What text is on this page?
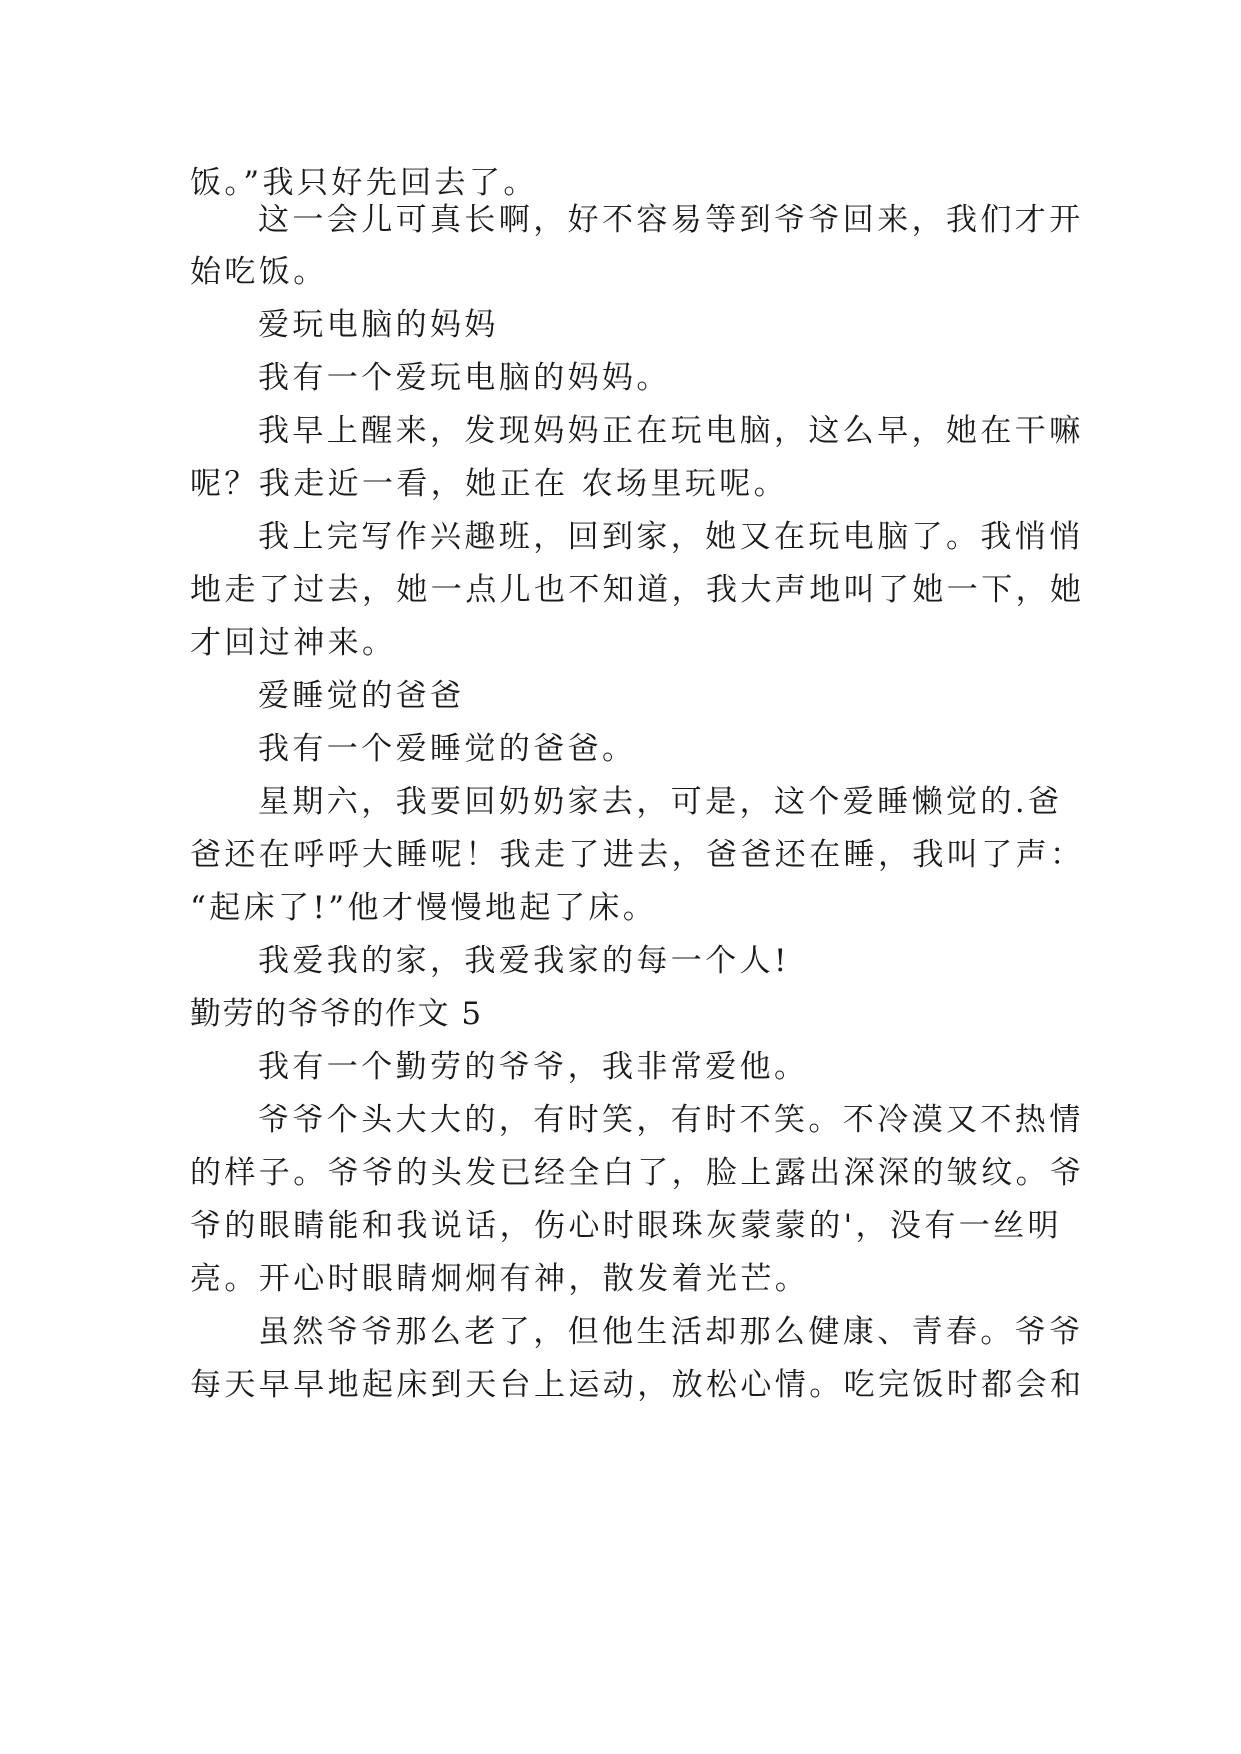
饭。”我只好先回去了。
这一会儿可真长啊，好不容易等到爷爷回来，我们才开
始吃饭。
爱玩电脑的妈妈
我有一个爱玩电脑的妈妈。
我早上醒来，发现妈妈正在玩电脑，这么早，她在干嘛
呢？我走近一看，她正在 农场里玩呢。
我上完写作兴趣班，回到家，她又在玩电脑了。我悄悄
地走了过去，她一点儿也不知道，我大声地叫了她一下，她
才回过神来。
爱睡觉的爸爸
我有一个爱睡觉的爸爸。
星期六，我要回奶奶家去，可是，这个爱睡懒觉的.爸
爸还在呼呼大睡呢！我走了进去，爸爸还在睡，我叫了声：
“起床了!”他才慢慢地起了床。
我爱我的家，我爱我家的每一个人!
勤劳的爷爷的作文 5
我有一个勤劳的爷爷，我非常爱他。
爷爷个头大大的，有时笑，有时不笑。不冷漠又不热情
的样子。爷爷的头发已经全白了，脸上露出深深的皱纹。爷
爷的眼睛能和我说话，伤心时眼珠灰蒙蒙的'，没有一丝明
亮。开心时眼睛炯炯有神，散发着光芒。
虽然爷爷那么老了，但他生活却那么健康、青春。爷爷
每天早早地起床到天台上运动，放松心情。吃完饭时都会和
